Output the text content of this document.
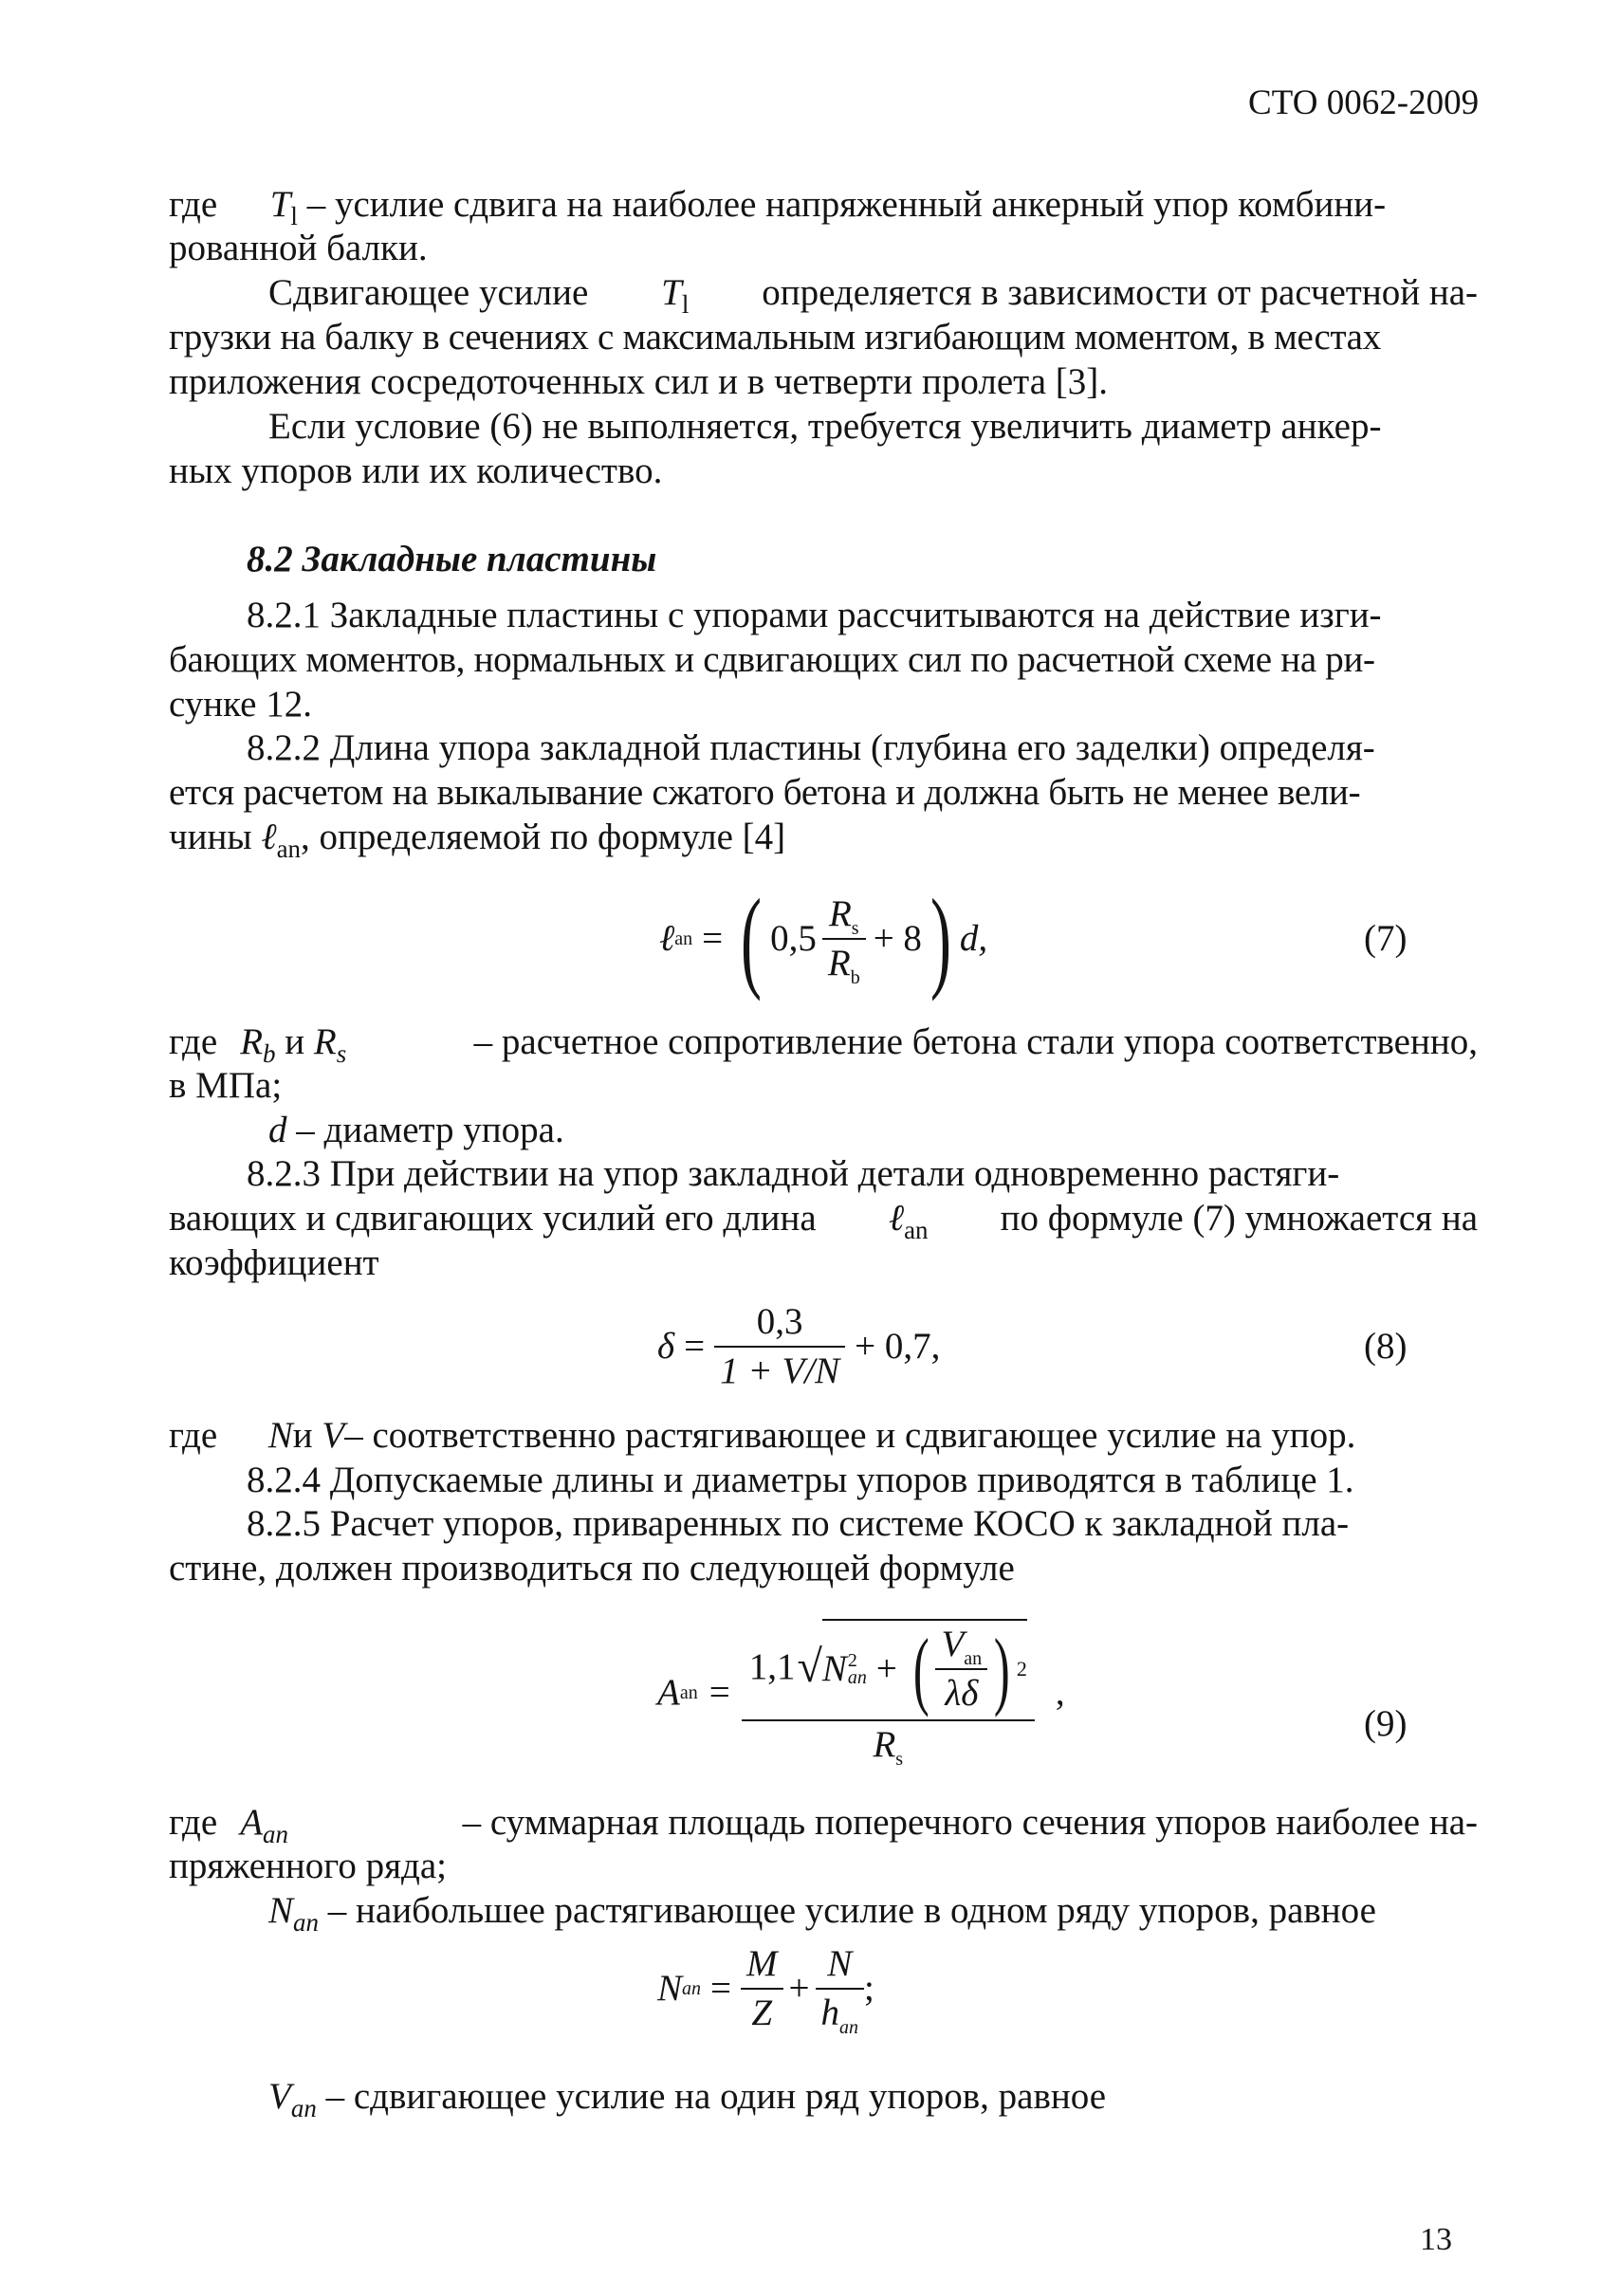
СТО 0062-2009
где $T_l$ – усилие сдвига на наиболее напряженный анкерный упор комбини-
рованной балки.
Сдвигающее усилие $T_l$ определяется в зависимости от расчетной на-
грузки на балку в сечениях с максимальным изгибающим моментом, в местах
приложения сосредоточенных сил и в четверти пролета [3].
Если условие (6) не выполняется, требуется увеличить диаметр анкер-
ных упоров или их количество.
8.2 Закладные пластины
8.2.1 Закладные пластины с упорами рассчитываются на действие изги-
бающих моментов, нормальных и сдвигающих сил по расчетной схеме на ри-
сунке 12.
8.2.2 Длина упора закладной пластины (глубина его заделки) определя-
ется расчетом на выкалывание сжатого бетона и должна быть не менее вели-
чины ℓ$_{an}$, определяемой по формуле [4]
ℓ an = ( $0,5 \frac{R_s}{R_b} + 8$ ) d,	(7)
где $R_b$ и $R_s$	– расчетное сопротивление бетона стали упора соответственно,
в МПа;
d – диаметр упора.
8.2.3 При действии на упор закладной детали одновременно растяги-
вающих и сдвигающих усилий его длина ℓ$_{an}$ по формуле (7) умножается на
коэффициент
$\delta = \frac{0,3}{1 + V/N} + 0,7$,	(8)
где Nи V– соответственно растягивающее и сдвигающее усилие на упор.
8.2.4 Допускаемые длины и диаметры упоров приводятся в таблице 1.
8.2.5 Расчет упоров, приваренных по системе КОСО к закладной пла-
стине, должен производиться по следующей формуле
A an =
1,1 √ N 2
an + ( $\frac{V_{an}}{\lambda\delta}$ ) 2
$R_s$
,
(9)
где $A_{an}$	– суммарная площадь поперечного сечения упоров наиболее на-
пряженного ряда;
$N_{an}$ – наибольшее растягивающее усилие в одном ряду упоров, равное
N an = $\frac{M}{Z} + \frac{N}{h_{an}}$ ;
$V_{an}$ – сдвигающее усилие на один ряд упоров, равное
13
